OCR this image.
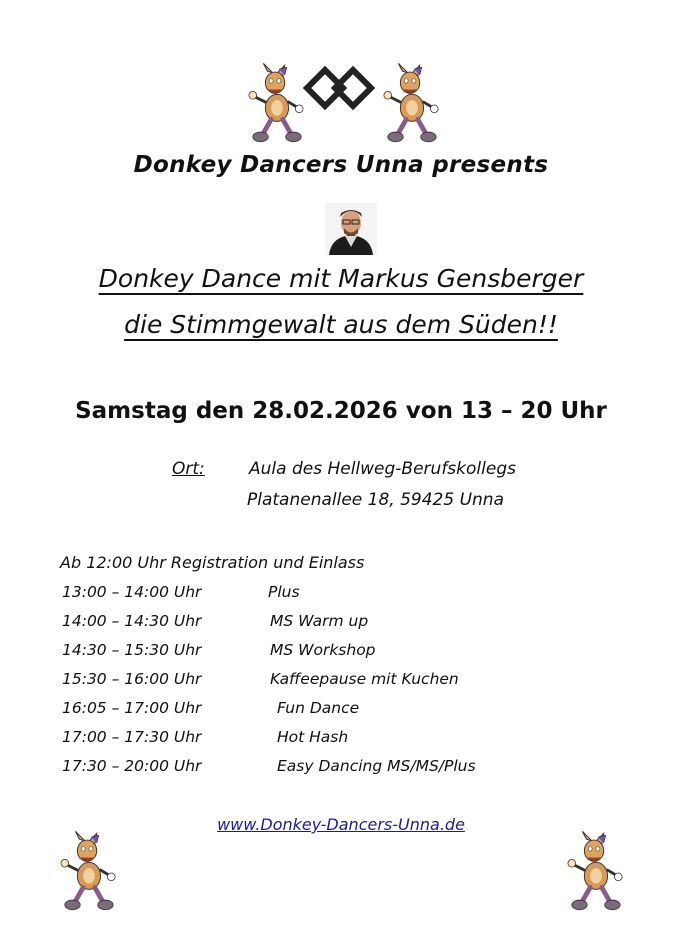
Donkey Dancers Unna presents
Donkey Dance mit Markus Gensberger
die Stimmgewalt aus dem Süden!!
Samstag den 28.02.2026 von 13 – 20 Uhr
Ort:	Aula des Hellweg-Berufskollegs
Platanenallee 18, 59425 Unna
Ab 12:00 Uhr Registration und Einlass
13:00 – 14:00 Uhr	Plus
14:00 – 14:30 Uhr	MS Warm up
14:30 – 15:30 Uhr	MS Workshop
15:30 – 16:00 Uhr	Kaffeepause mit Kuchen
16:05 – 17:00 Uhr	Fun Dance
17:00 – 17:30 Uhr	Hot Hash
17:30 – 20:00 Uhr	Easy Dancing MS/MS/Plus
www.Donkey-Dancers-Unna.de
